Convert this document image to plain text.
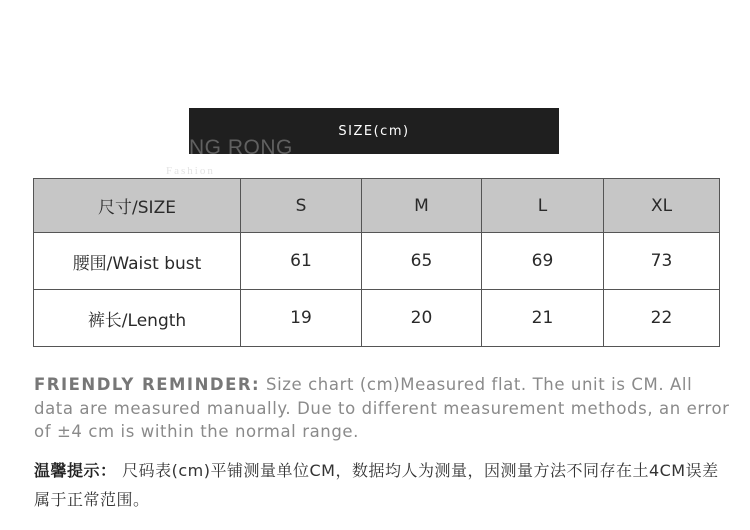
SIZE(cm)
NG RONG
Fashion
尺寸/SIZE	S	M	L	XL
腰围/Waist bust	61	65	69	73
裤长/Length	19	20	21	22
FRIENDLY REMINDER: Size chart (cm)Measured flat. The unit is CM. All data are measured manually. Due to different measurement methods, an error of ±4 cm is within the normal range.
温馨提示： 尺码表(cm)平铺测量单位CM，数据均人为测量，因测量方法不同存在土4CM误差属于正常范围。
